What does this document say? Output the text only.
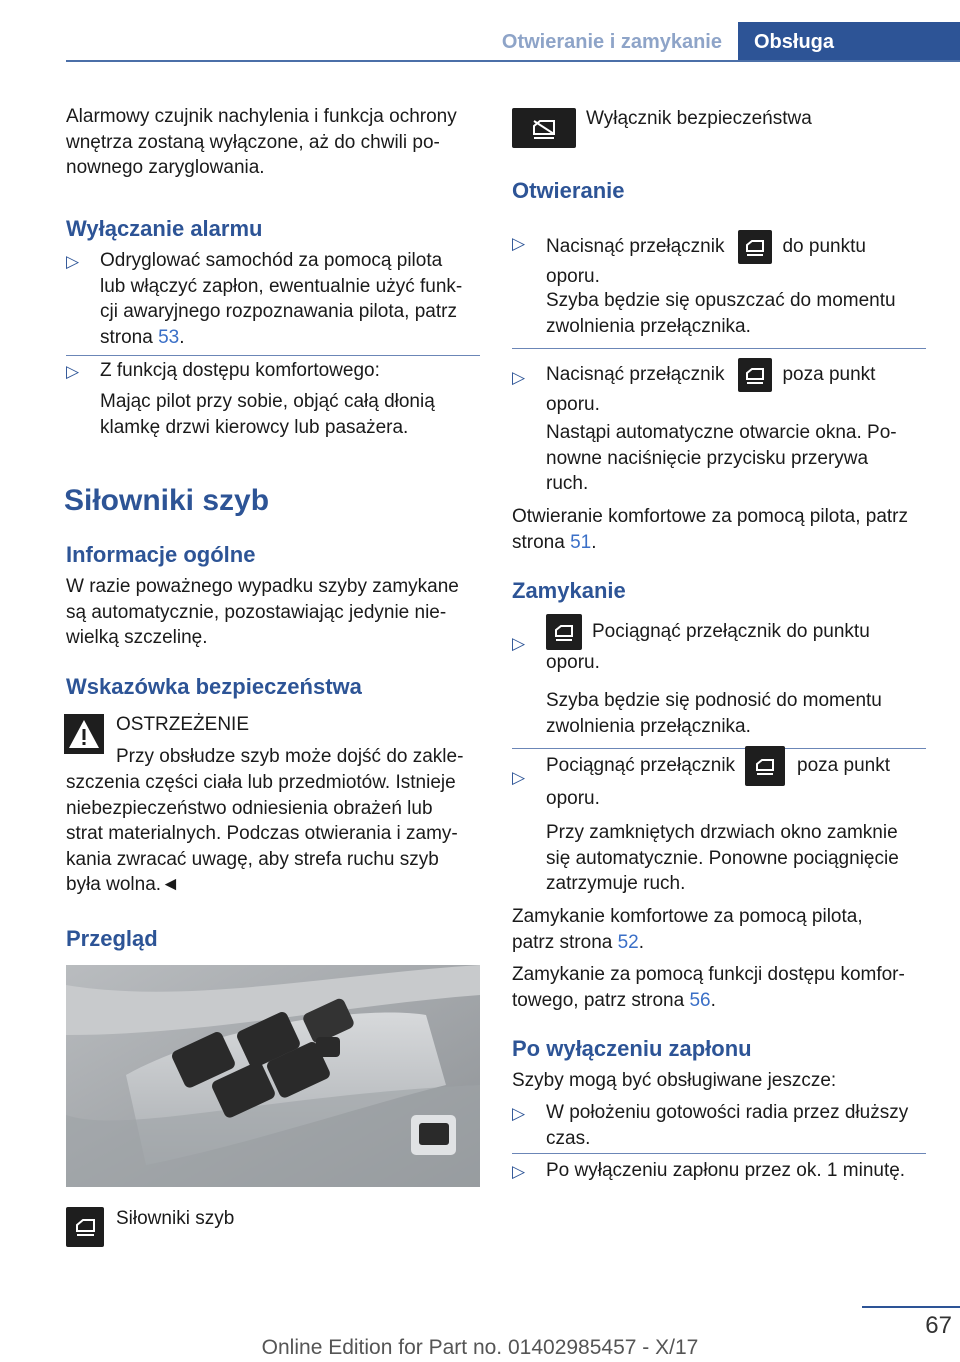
Otwieranie i zamykanie	Obsługa
Alarmowy czujnik nachylenia i funkcja ochrony
wnętrza zostaną wyłączone, aż do chwili po-
nownego zaryglowania.
Wyłączanie alarmu
▷ Odryglować samochód za pomocą pilota
lub włączyć zapłon, ewentualnie użyć funk-
cji awaryjnego rozpoznawania pilota, patrz
strona 53.
▷ Z funkcją dostępu komfortowego:
Mając pilot przy sobie, objąć całą dłonią
klamkę drzwi kierowcy lub pasażera.
Siłowniki szyb
Informacje ogólne
W razie poważnego wypadku szyby zamykane
są automatycznie, pozostawiając jedynie nie-
wielką szczelinę.
Wskazówka bezpieczeństwa
OSTRZEŻENIE
Przy obsłudze szyb może dojść do zakle-
szczenia części ciała lub przedmiotów. Istnieje
niebezpieczeństwo odniesienia obrażeń lub
strat materialnych. Podczas otwierania i zamy-
kania zwracać uwagę, aby strefa ruchu szyb
była wolna.◄
Przegląd
Siłowniki szyb
Wyłącznik bezpieczeństwa
Otwieranie
▷ Nacisnąć przełącznik	do punktu
oporu.
Szyba będzie się opuszczać do momentu
zwolnienia przełącznika.
▷ Nacisnąć przełącznik	poza punkt
oporu.
Nastąpi automatyczne otwarcie okna. Po-
nowne naciśnięcie przycisku przerywa
ruch.
Otwieranie komfortowe za pomocą pilota, patrz
strona 51.
Zamykanie
▷
Pociągnąć przełącznik do punktu
oporu.
Szyba będzie się podnosić do momentu
zwolnienia przełącznika.
▷
Pociągnąć przełącznik	poza punkt
oporu.
Przy zamkniętych drzwiach okno zamknie
się automatycznie. Ponowne pociągnięcie
zatrzymuje ruch.
Zamykanie komfortowe za pomocą pilota,
patrz strona 52.
Zamykanie za pomocą funkcji dostępu komfor-
towego, patrz strona 56.
Po wyłączeniu zapłonu
Szyby mogą być obsługiwane jeszcze:
▷ W położeniu gotowości radia przez dłuższy
czas.
▷ Po wyłączeniu zapłonu przez ok. 1 minutę.
67
Online Edition for Part no. 01402985457 - X/17
